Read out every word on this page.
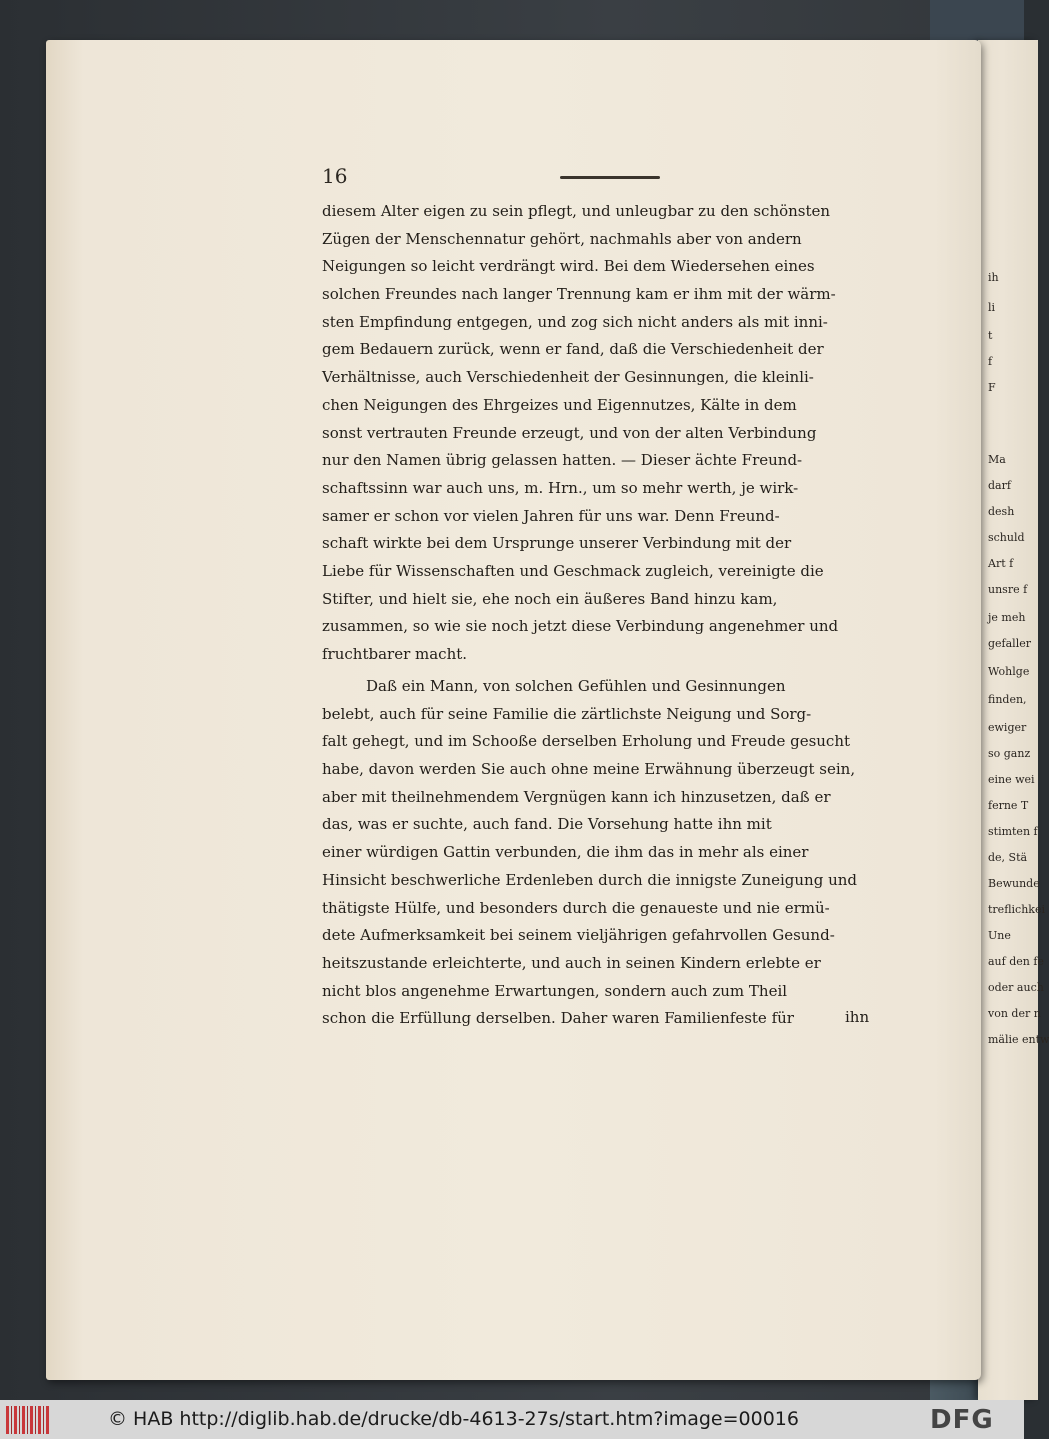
ih
li
t
f
F
Ma
darf
desh
schuld
Art f
unsre f
je meh
gefaller
Wohlge
finden,
ewiger
so ganz
eine wei
ferne T
stimten f
de, Stä
Bewunde
treflichkei
Une
auf den fe
oder auch
von der n
mälie entw
16
diesem Alter eigen zu sein pflegt, und unleugbar zu den schönsten
Zügen der Menschennatur gehört, nachmahls aber von andern
Neigungen so leicht verdrängt wird. Bei dem Wiedersehen eines
solchen Freundes nach langer Trennung kam er ihm mit der wärm-
sten Empfindung entgegen, und zog sich nicht anders als mit inni-
gem Bedauern zurück, wenn er fand, daß die Verschiedenheit der
Verhältnisse, auch Verschiedenheit der Gesinnungen, die kleinli-
chen Neigungen des Ehrgeizes und Eigennutzes, Kälte in dem
sonst vertrauten Freunde erzeugt, und von der alten Verbindung
nur den Namen übrig gelassen hatten. — Dieser ächte Freund-
schaftssinn war auch uns, m. Hrn., um so mehr werth, je wirk-
samer er schon vor vielen Jahren für uns war. Denn Freund-
schaft wirkte bei dem Ursprunge unserer Verbindung mit der
Liebe für Wissenschaften und Geschmack zugleich, vereinigte die
Stifter, und hielt sie, ehe noch ein äußeres Band hinzu kam,
zusammen, so wie sie noch jetzt diese Verbindung angenehmer und
fruchtbarer macht.
Daß ein Mann, von solchen Gefühlen und Gesinnungen
belebt, auch für seine Familie die zärtlichste Neigung und Sorg-
falt gehegt, und im Schooße derselben Erholung und Freude gesucht
habe, davon werden Sie auch ohne meine Erwähnung überzeugt sein,
aber mit theilnehmendem Vergnügen kann ich hinzusetzen, daß er
das, was er suchte, auch fand. Die Vorsehung hatte ihn mit
einer würdigen Gattin verbunden, die ihm das in mehr als einer
Hinsicht beschwerliche Erdenleben durch die innigste Zuneigung und
thätigste Hülfe, und besonders durch die genaueste und nie ermü-
dete Aufmerksamkeit bei seinem vieljährigen gefahrvollen Gesund-
heitszustande erleichterte, und auch in seinen Kindern erlebte er
nicht blos angenehme Erwartungen, sondern auch zum Theil
schon die Erfüllung derselben. Daher waren Familienfeste für	ihn
© HAB http://diglib.hab.de/drucke/db-4613-27s/start.htm?image=00016	DFG
